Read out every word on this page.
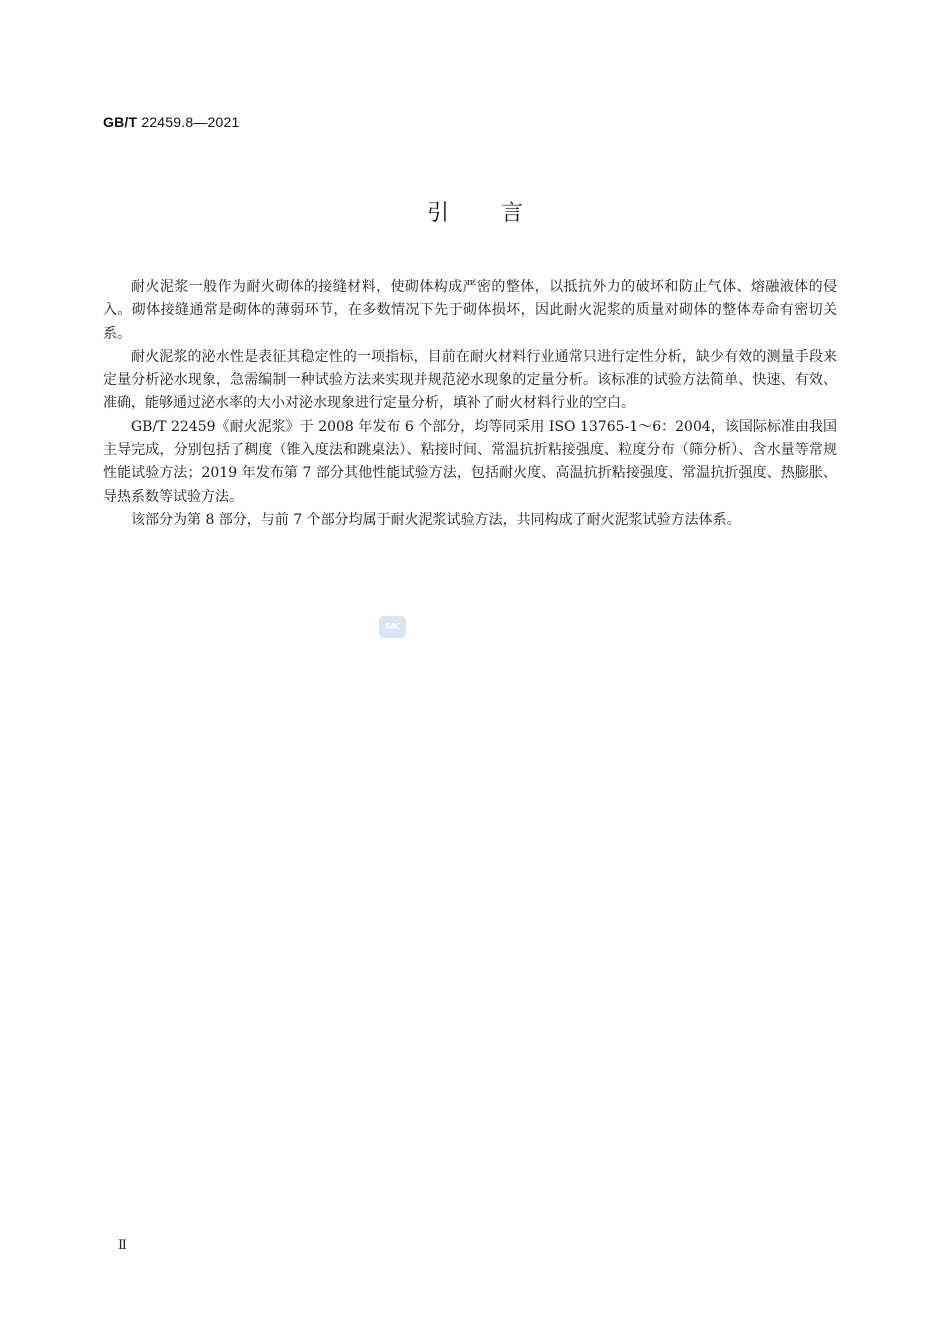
GB/T 22459.8—2021
引言

耐火泥浆一般作为耐火砌体的接缝材料，使砌体构成严密的整体，以抵抗外力的破坏和防止气体、熔融液体的侵入。砌体接缝通常是砌体的薄弱环节，在多数情况下先于砌体损坏，因此耐火泥浆的质量对砌体的整体寿命有密切关系。

耐火泥浆的泌水性是表征其稳定性的一项指标，目前在耐火材料行业通常只进行定性分析，缺少有效的测量手段来定量分析泌水现象，急需编制一种试验方法来实现并规范泌水现象的定量分析。该标准的试验方法简单、快速、有效、准确，能够通过泌水率的大小对泌水现象进行定量分析，填补了耐火材料行业的空白。

GB/T 22459《耐火泥浆》于 2008 年发布 6 个部分，均等同采用 ISO 13765-1～6：2004，该国际标准由我国主导完成，分别包括了稠度（锥入度法和跳桌法）、粘接时间、常温抗折粘接强度、粒度分布（筛分析）、含水量等常规性能试验方法；2019 年发布第 7 部分其他性能试验方法，包括耐火度、高温抗折粘接强度、常温抗折强度、热膨胀、导热系数等试验方法。

该部分为第 8 部分，与前 7 个部分均属于耐火泥浆试验方法，共同构成了耐火泥浆试验方法体系。

SAC
Ⅱ
